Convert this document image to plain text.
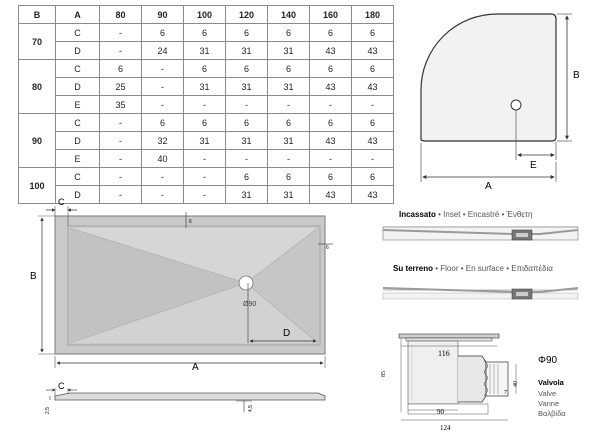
B	A	80	90	100	120	140	160	180
70	C	-	6	6	6	6	6	6
	D	-	24	31	31	31	43	43
80	C	6	-	6	6	6	6	6
	D	25	-	31	31	31	43	43
	E	35	-	-	-	-	-	-
90	C	-	6	6	6	6	6	6
	D	-	32	31	31	31	43	43
	E	-	40	-	-	-	-	-
100	C	-	-	-	6	6	6	6
	D	-	-	-	31	31	43	43
B
E
A
Ø90
C
6
6
B
A
D
C
2,5	4,5
Incassato • Inset • Encastré • Ένθετη
Su terreno • Floor • En surface • Επιδαπέδια
116
85
40
7
90
124
Φ90
Valvola
Valve
Vanne
Βαλβίδα
